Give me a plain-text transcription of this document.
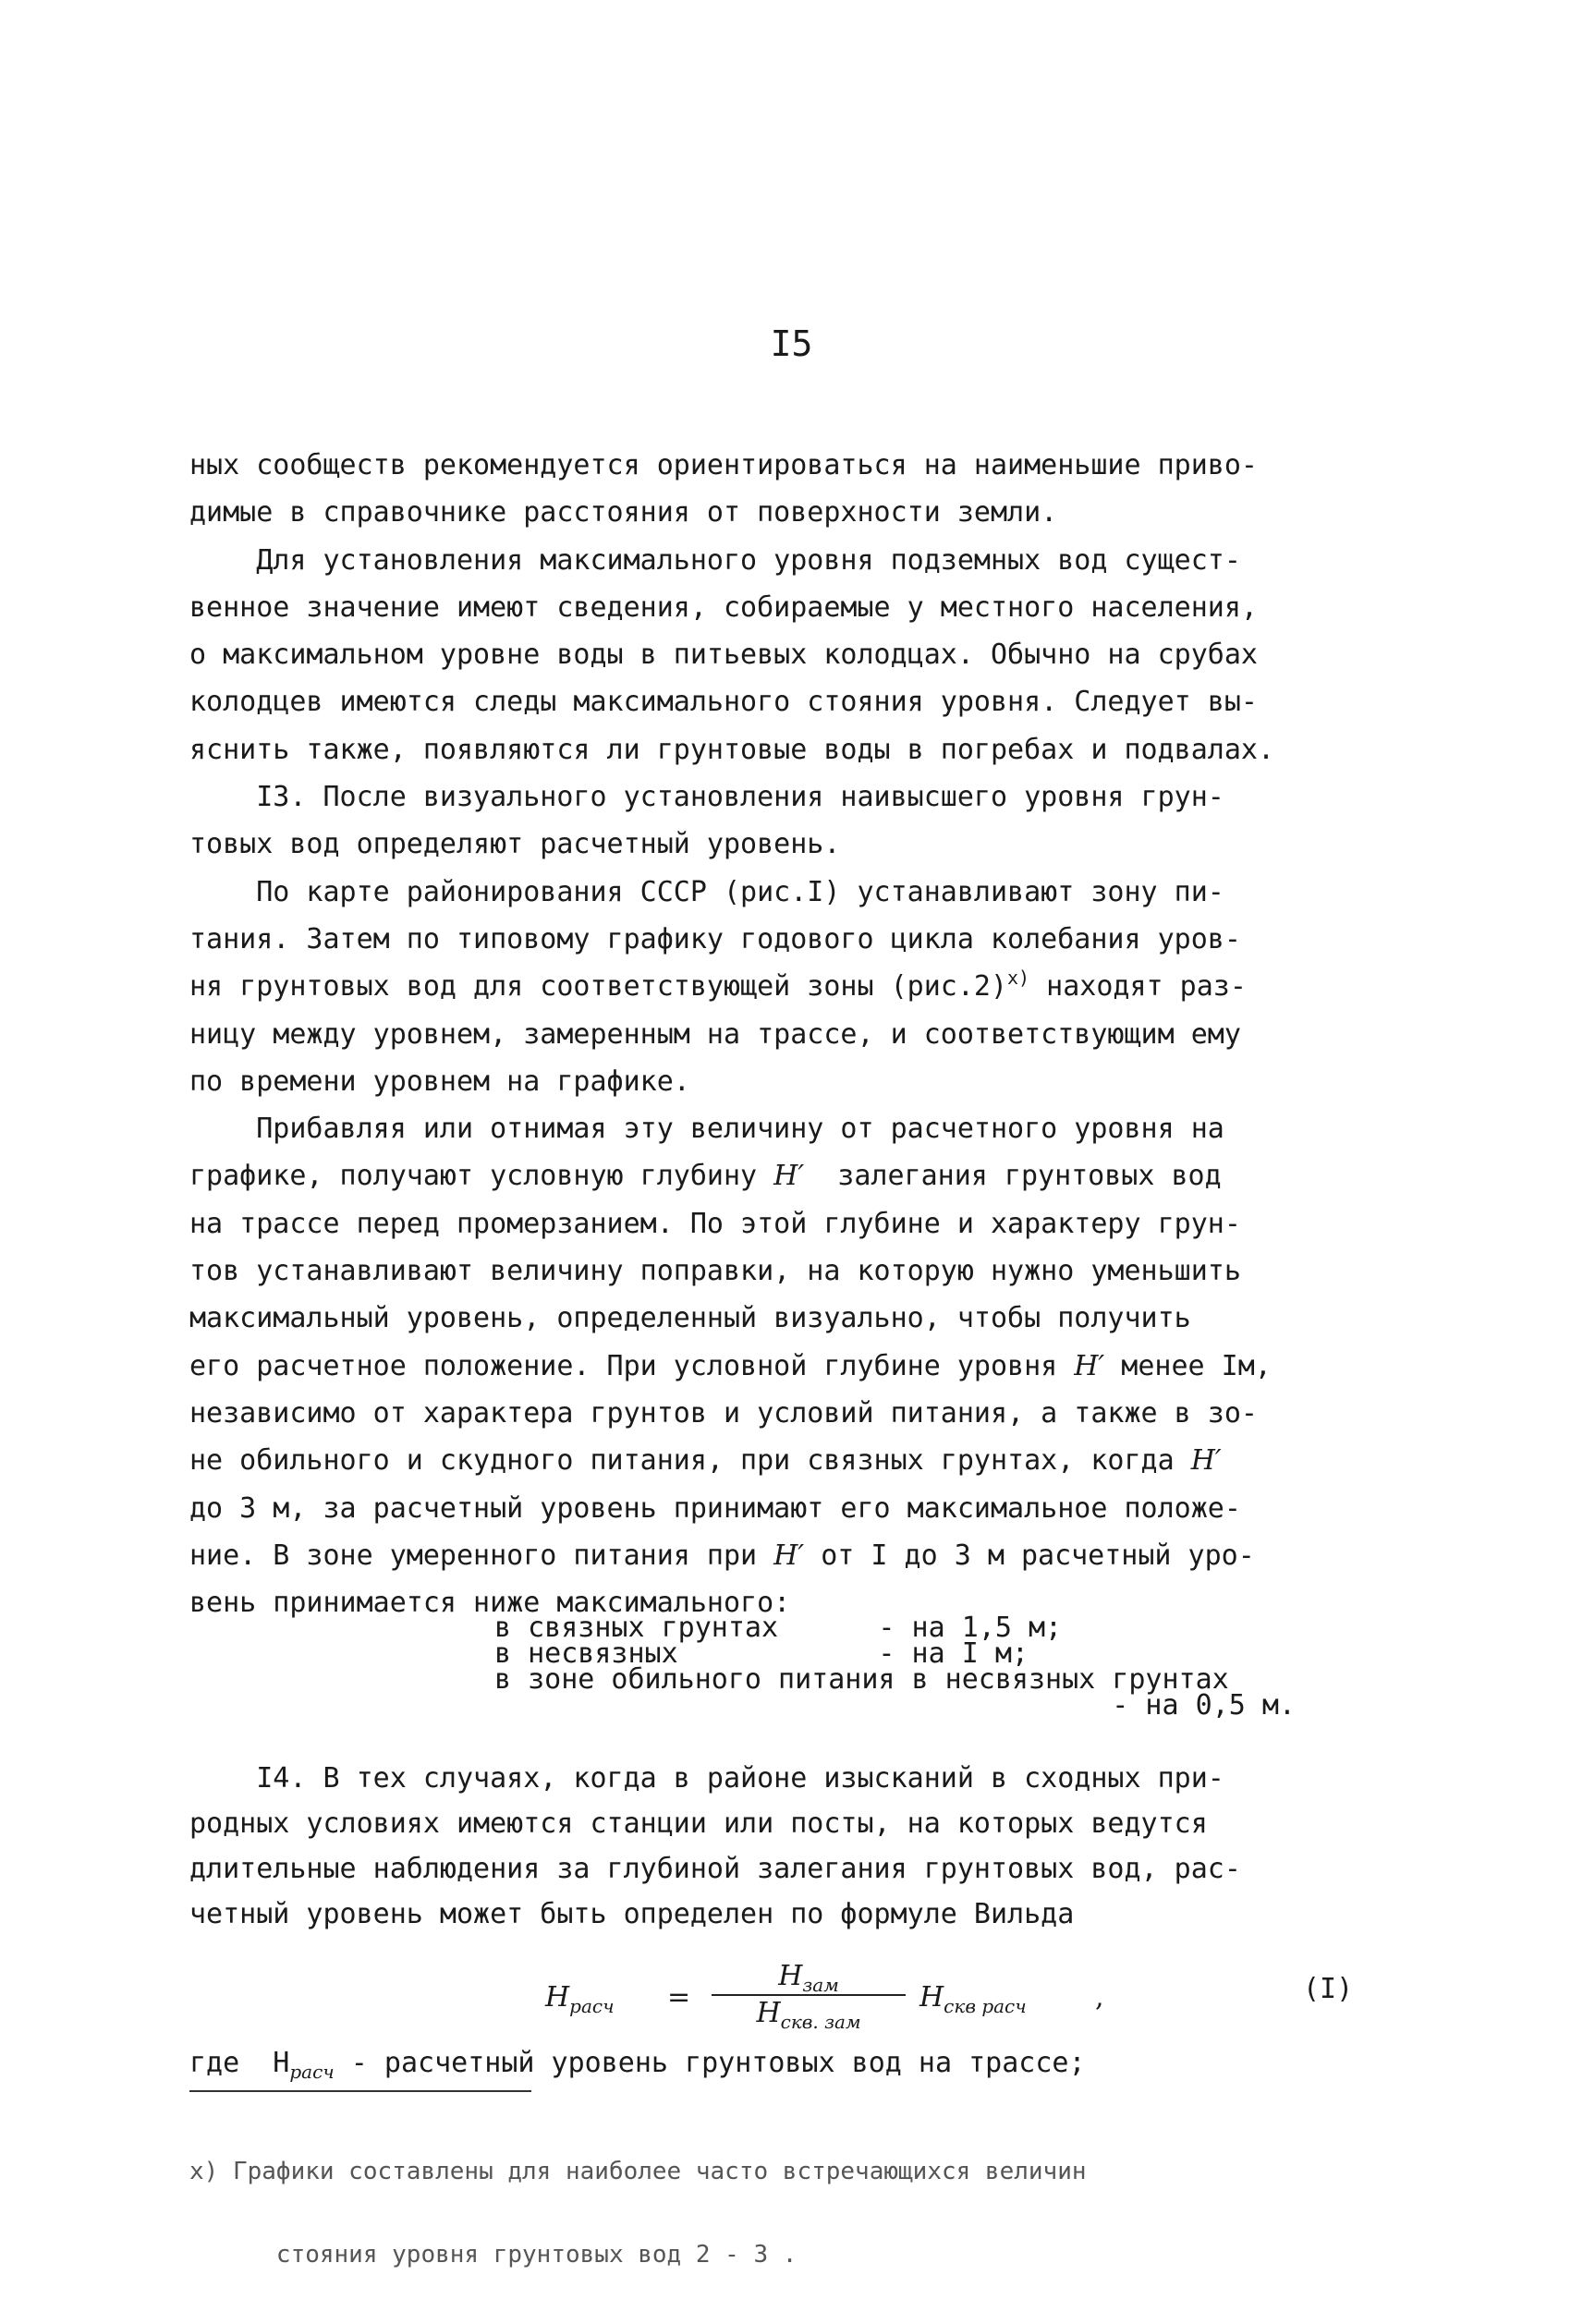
I5
ных сообществ рекомендуется ориентироваться на наименьшие приво-
димые в справочнике расстояния от поверхности земли.
Для установления максимального уровня подземных вод сущест-
венное значение имеют сведения, собираемые у местного населения,
о максимальном уровне воды в питьевых колодцах. Обычно на срубах
колодцев имеются следы максимального стояния уровня. Следует вы-
яснить также, появляются ли грунтовые воды в погребах и подвалах.
I3. После визуального установления наивысшего уровня грун-
товых вод определяют расчетный уровень.
По карте районирования СССР (рис.I) устанавливают зону пи-
тания. Затем по типовому графику годового цикла колебания уров-
ня грунтовых вод для соответствующей зоны $(рис.2)^{x)}$ находят раз-
ницу между уровнем, замеренным на трассе, и соответствующим ему
по времени уровнем на графике.
Прибавляя или отнимая эту величину от расчетного уровня на
графике, получают условную глубину H′  залегания грунтовых вод
на трассе перед промерзанием. По этой глубине и характеру грун-
тов устанавливают величину поправки, на которую нужно уменьшить
максимальный уровень, определенный визуально, чтобы получить
его расчетное положение. При условной глубине уровня H′ менее Iм,
независимо от характера грунтов и условий питания, а также в зо-
не обильного и скудного питания, при связных грунтах, когда H′
до 3 м, за расчетный уровень принимают его максимальное положе-
ние. В зоне умеренного питания при H′ от I до 3 м расчетный уро-
вень принимается ниже максимального:
в связных грунтах      - на 1,5 м;
в несвязных            - на I м;
в зоне обильного питания в несвязных грунтах
- на 0,5 м.
I4. В тех случаях, когда в районе изысканий в сходных при-
родных условиях имеются станции или посты, на которых ведутся
длительные наблюдения за глубиной залегания грунтовых вод, рас-
четный уровень может быть определен по формуле Вильда
$H_{расч}$ =
$H_{зам}$
$H_{скв. зам}$
$H_{скв расч}$ ,	(I)
где  $H_{расч}$ - расчетный уровень грунтовых вод на трассе;

x) Графики составлены для наиболее часто встречающихся величин

стояния уровня грунтовых вод 2 - 3 .
